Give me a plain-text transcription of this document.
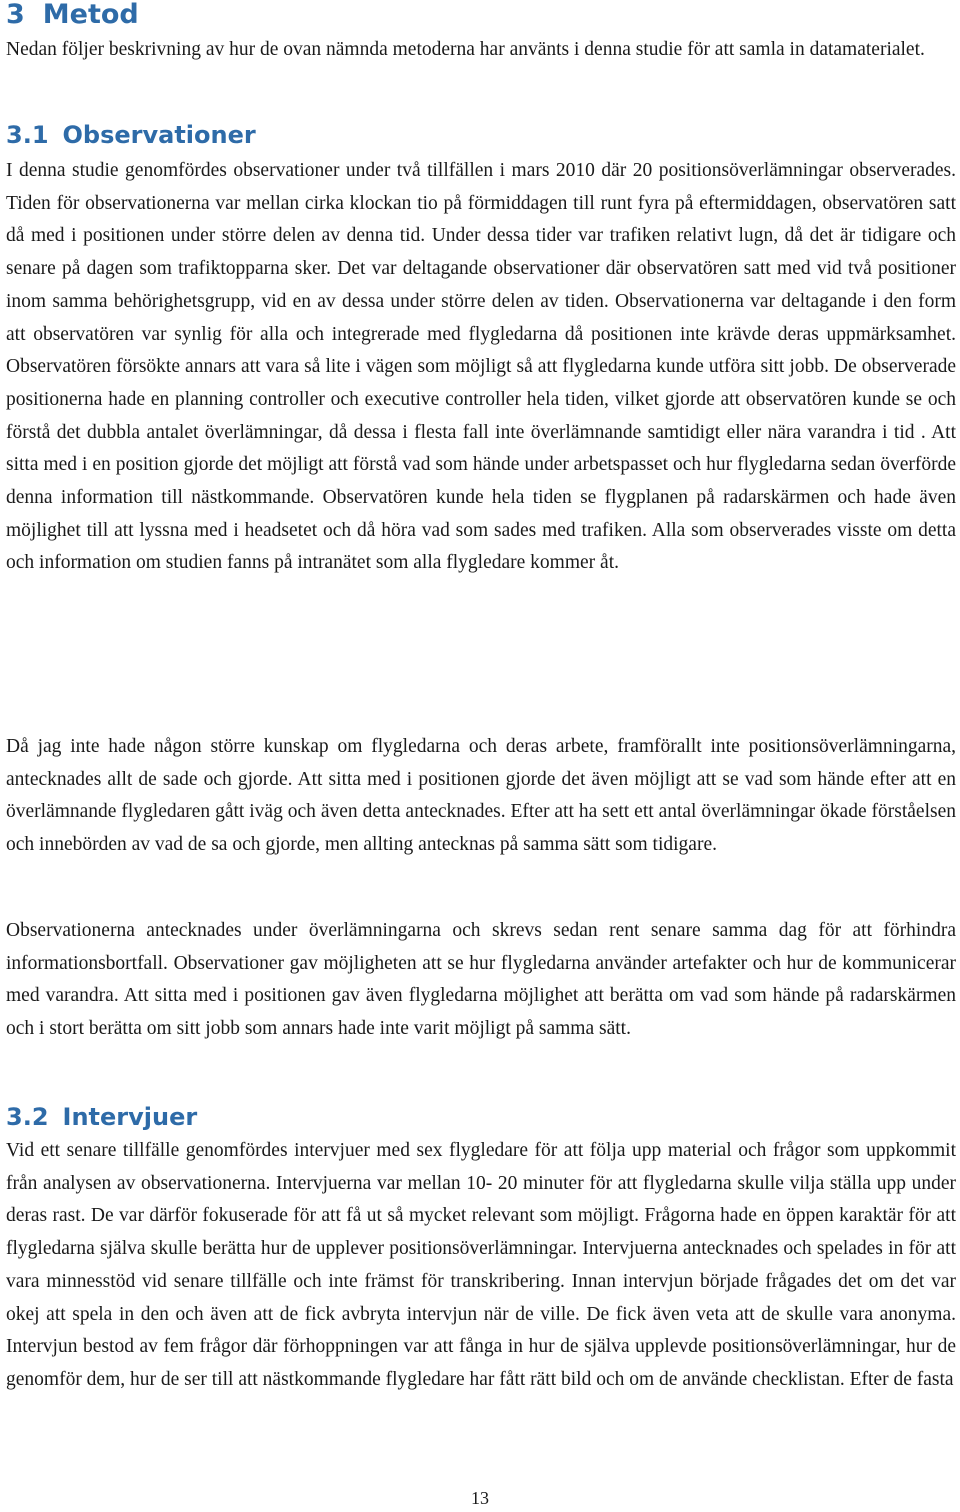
3 Metod

Nedan följer beskrivning av hur de ovan nämnda metoderna har använts i denna studie för att samla in datamaterialet.

3.1 Observationer

I denna studie genomfördes observationer under två tillfällen i mars 2010 där 20 positionsöverlämningar observerades. Tiden för observationerna var mellan cirka klockan tio på förmiddagen till runt fyra på eftermiddagen, observatören satt då med i positionen under större delen av denna tid. Under dessa tider var trafiken relativt lugn, då det är tidigare och senare på dagen som trafiktopparna sker. Det var deltagande observationer där observatören satt med vid två positioner inom samma behörighetsgrupp, vid en av dessa under större delen av tiden. Observationerna var deltagande i den form att observatören var synlig för alla och integrerade med flygledarna då positionen inte krävde deras uppmärksamhet. Observatören försökte annars att vara så lite i vägen som möjligt så att flygledarna kunde utföra sitt jobb. De observerade positionerna hade en planning controller och executive controller hela tiden, vilket gjorde att observatören kunde se och förstå det dubbla antalet överlämningar, då dessa i flesta fall inte överlämnande samtidigt eller nära varandra i tid . Att sitta med i en position gjorde det möjligt att förstå vad som hände under arbetspasset och hur flygledarna sedan överförde denna information till nästkommande. Observatören kunde hela tiden se flygplanen på radarskärmen och hade även möjlighet till att lyssna med i headsetet och då höra vad som sades med trafiken. Alla som observerades visste om detta och information om studien fanns på intranätet som alla flygledare kommer åt.

Då jag inte hade någon större kunskap om flygledarna och deras arbete, framförallt inte positionsöverlämningarna, antecknades allt de sade och gjorde. Att sitta med i positionen gjorde det även möjligt att se vad som hände efter att en överlämnande flygledaren gått iväg och även detta antecknades. Efter att ha sett ett antal överlämningar ökade förståelsen och innebörden av vad de sa och gjorde, men allting antecknas på samma sätt som tidigare.

Observationerna antecknades under överlämningarna och skrevs sedan rent senare samma dag för att förhindra informationsbortfall. Observationer gav möjligheten att se hur flygledarna använder artefakter och hur de kommunicerar med varandra. Att sitta med i positionen gav även flygledarna möjlighet att berätta om vad som hände på radarskärmen och i stort berätta om sitt jobb som annars hade inte varit möjligt på samma sätt.

3.2 Intervjuer

Vid ett senare tillfälle genomfördes intervjuer med sex flygledare för att följa upp material och frågor som uppkommit från analysen av observationerna. Intervjuerna var mellan 10- 20 minuter för att flygledarna skulle vilja ställa upp under deras rast. De var därför fokuserade för att få ut så mycket relevant som möjligt. Frågorna hade en öppen karaktär för att flygledarna själva skulle berätta hur de upplever positionsöverlämningar. Intervjuerna antecknades och spelades in för att vara minnesstöd vid senare tillfälle och inte främst för transkribering. Innan intervjun började frågades det om det var okej att spela in den och även att de fick avbryta intervjun när de ville. De fick även veta att de skulle vara anonyma. Intervjun bestod av fem frågor där förhoppningen var att fånga in hur de själva upplevde positionsöverlämningar, hur de genomför dem, hur de ser till att nästkommande flygledare har fått rätt bild och om de använde checklistan. Efter de fasta

13
